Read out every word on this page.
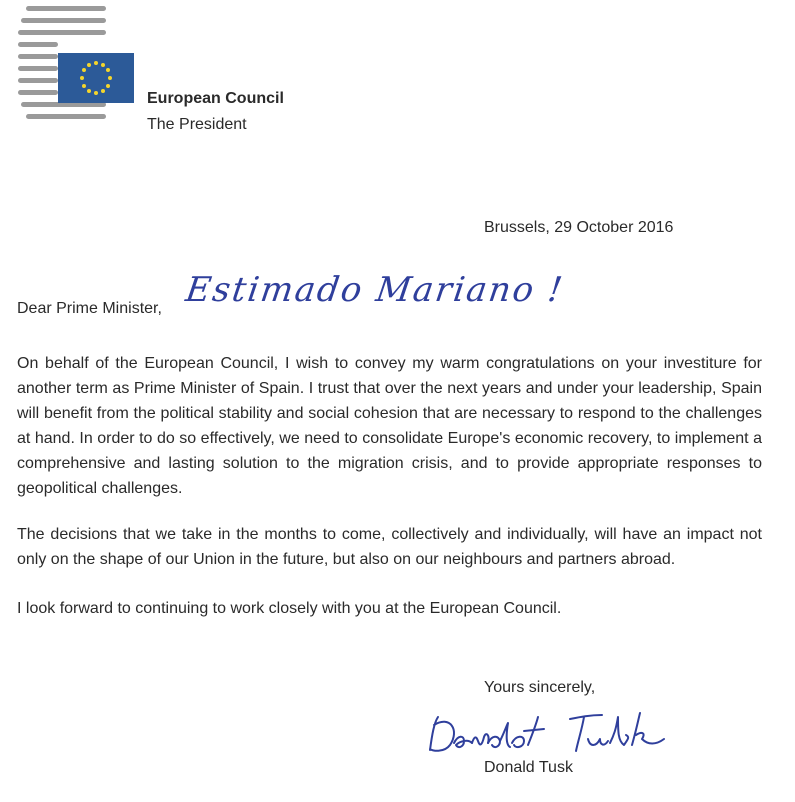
European Council
The President
Brussels, 29 October 2016
Dear Prime Minister, Estimado Mariano !
On behalf of the European Council, I wish to convey my warm congratulations on your investiture for another term as Prime Minister of Spain. I trust that over the next years and under your leadership, Spain will benefit from the political stability and social cohesion that are necessary to respond to the challenges at hand. In order to do so effectively, we need to consolidate Europe's economic recovery, to implement a comprehensive and lasting solution to the migration crisis, and to provide appropriate responses to geopolitical challenges.
The decisions that we take in the months to come, collectively and individually, will have an impact not only on the shape of our Union in the future, but also on our neighbours and partners abroad.
I look forward to continuing to work closely with you at the European Council.
Yours sincerely,
Donald Tusk
